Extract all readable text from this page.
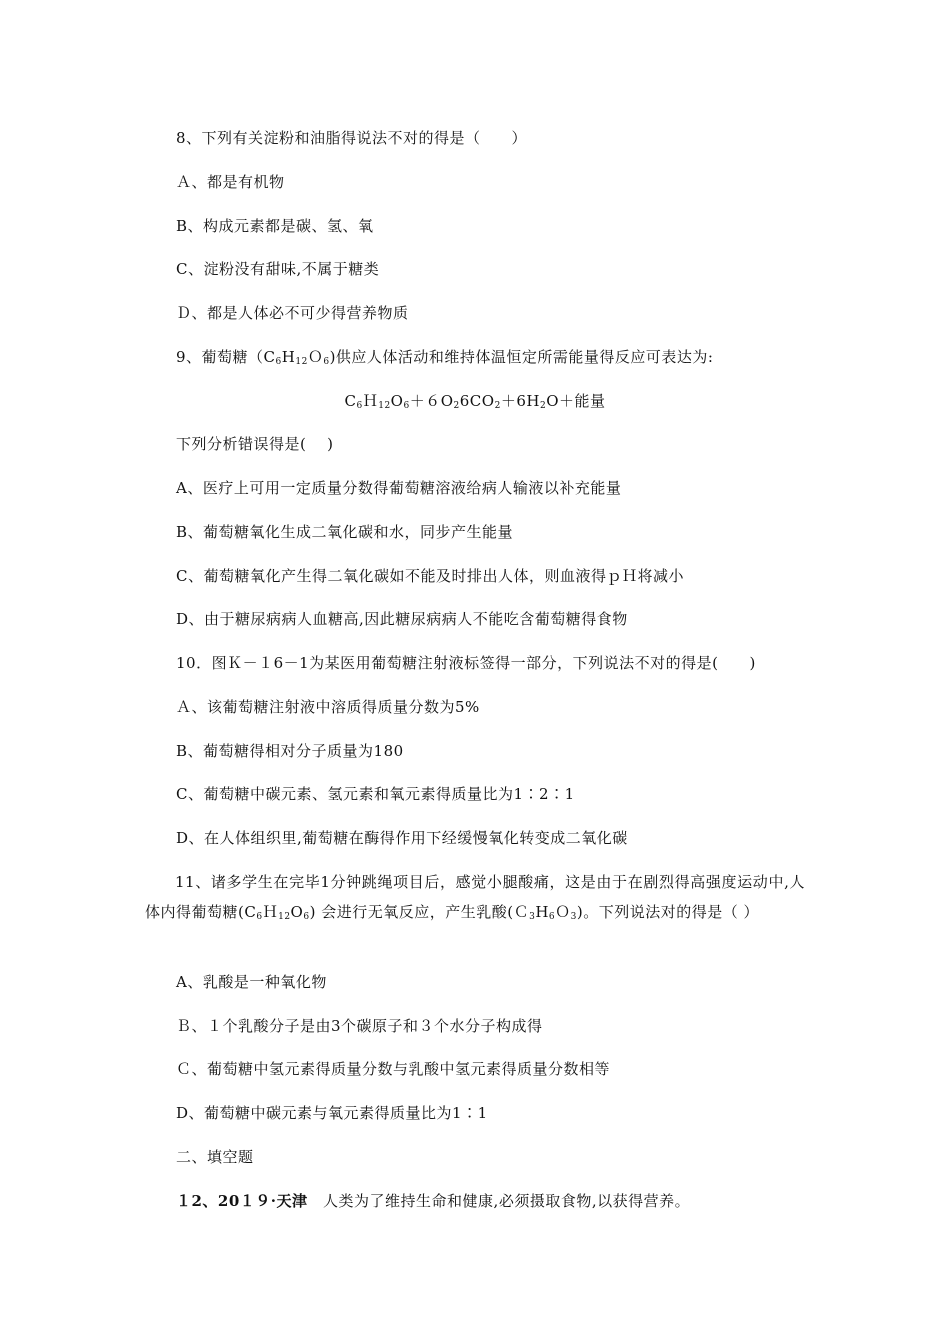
8、下列有关淀粉和油脂得说法不对的得是（　　）
Ａ、都是有机物
B、构成元素都是碳、氢、氧
C、淀粉没有甜味,不属于糖类
Ｄ、都是人体必不可少得营养物质
9、葡萄糖$(C_6H_{12}O_6)$供应人体活动和维持体温恒定所需能量得反应可表达为:
$C_6H_{12}O_6+6O_26CO_2+6H_2O+$能量
下列分析错误得是(　 )
A、医疗上可用一定质量分数得葡萄糖溶液给病人输液以补充能量
B、葡萄糖氧化生成二氧化碳和水，同步产生能量
C、葡萄糖氧化产生得二氧化碳如不能及时排出人体，则血液得ｐＨ将减小
D、由于糖尿病病人血糖高,因此糖尿病病人不能吃含葡萄糖得食物
10．图Ｋ－１6－1为某医用葡萄糖注射液标签得一部分，下列说法不对的得是(　　)
Ａ、该葡萄糖注射液中溶质得质量分数为5%
B、葡萄糖得相对分子质量为180
C、葡萄糖中碳元素、氢元素和氧元素得质量比为1∶2∶1
D、在人体组织里,葡萄糖在酶得作用下经缓慢氧化转变成二氧化碳
11、诸多学生在完毕1分钟跳绳项目后，感觉小腿酸痛，这是由于在剧烈得高强度运动中,人体内得葡萄糖$(C_6H_{12}O_6)$ 会进行无氧反应，产生乳酸$(C_3H_6O_3)$。下列说法对的得是（ ）
A、乳酸是一种氧化物
Ｂ、１个乳酸分子是由3个碳原子和３个水分子构成得
Ｃ、葡萄糖中氢元素得质量分数与乳酸中氢元素得质量分数相等
D、葡萄糖中碳元素与氧元素得质量比为1∶1
二、填空题
１2、20１９·天津　人类为了维持生命和健康,必须摄取食物,以获得营养。
